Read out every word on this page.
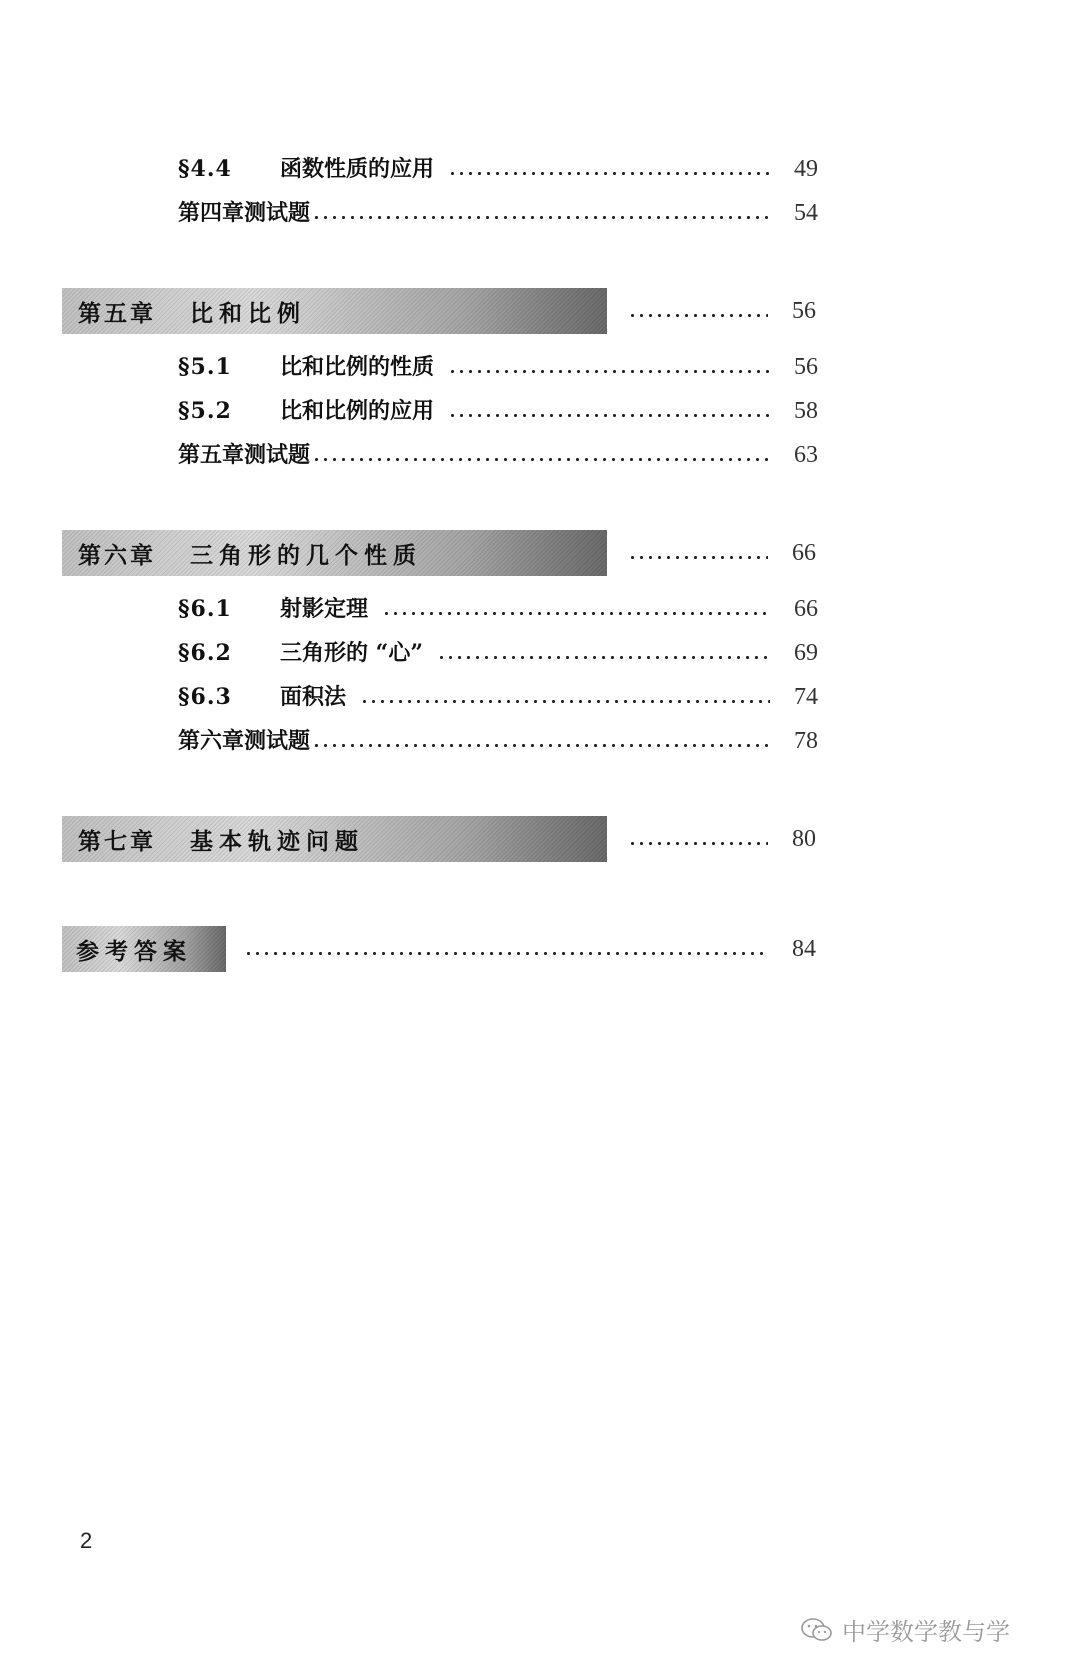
§4.4	函数性质的应用	49
第四章测试题	54
第五章 比和比例	56
§5.1	比和比例的性质	56
§5.2	比和比例的应用	58
第五章测试题	63
第六章 三角形的几个性质	66
§6.1	射影定理	66
§6.2	三角形的 “心”	69
§6.3	面积法	74
第六章测试题	78
第七章 基本轨迹问题	80
参考答案	84
2
中学数学教与学
